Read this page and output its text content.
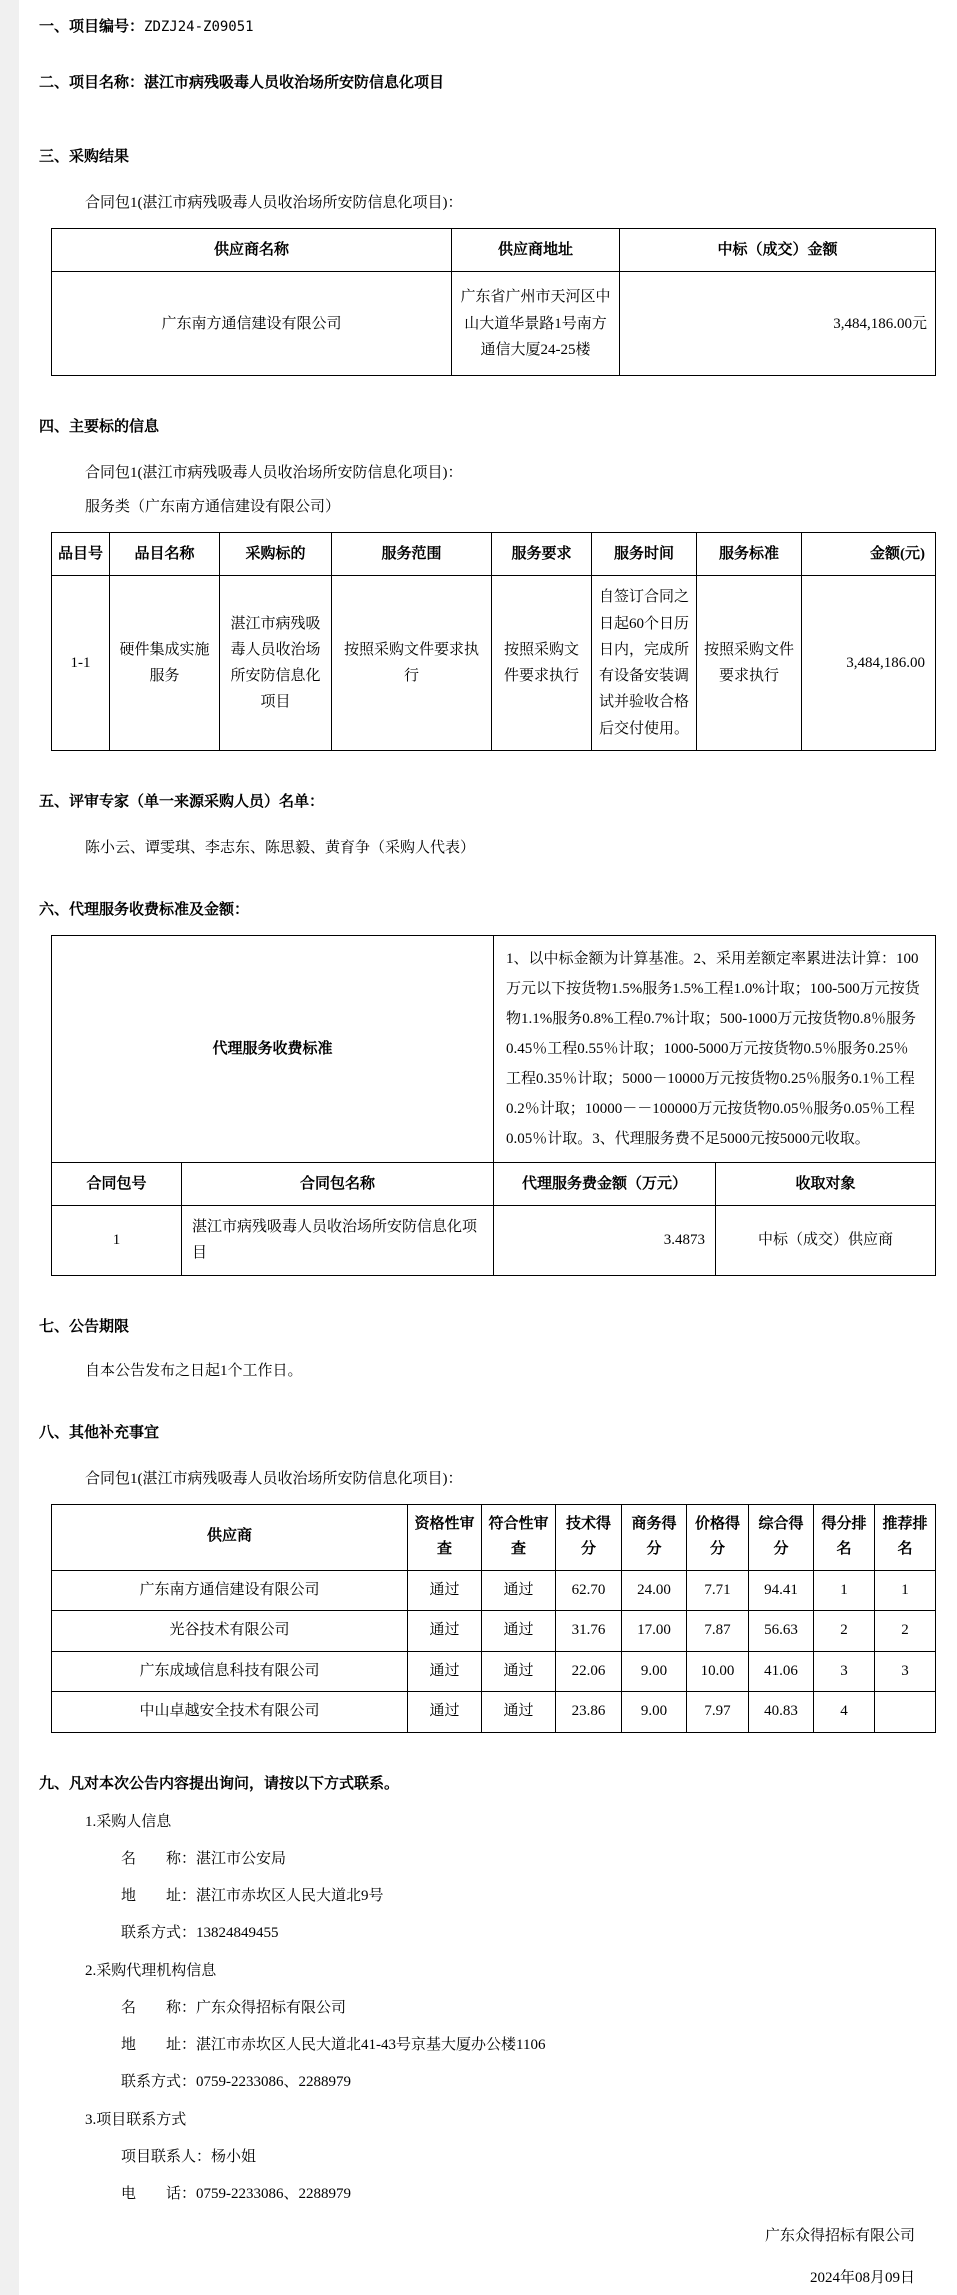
一、项目编号：ZDZJ24-Z09051
二、项目名称：湛江市病残吸毒人员收治场所安防信息化项目
三、采购结果
合同包1(湛江市病残吸毒人员收治场所安防信息化项目)：
供应商名称	供应商地址	中标（成交）金额
广东南方通信建设有限公司	广东省广州市天河区中山大道华景路1号南方通信大厦24-25楼	3,484,186.00元
四、主要标的信息
合同包1(湛江市病残吸毒人员收治场所安防信息化项目)：
服务类（广东南方通信建设有限公司）
品目号	品目名称	采购标的	服务范围	服务要求	服务时间	服务标准	金额(元)
1-1	硬件集成实施服务	湛江市病残吸毒人员收治场所安防信息化项目	按照采购文件要求执行	按照采购文件要求执行	自签订合同之日起60个日历日内，完成所有设备安装调试并验收合格后交付使用。	按照采购文件要求执行	3,484,186.00
五、评审专家（单一来源采购人员）名单：
陈小云、谭雯琪、李志东、陈思毅、黄育争（采购人代表）
六、代理服务收费标准及金额：
代理服务收费标准		1、以中标金额为计算基准。2、采用差额定率累进法计算：100万元以下按货物1.5%服务1.5%工程1.0%计取；100-500万元按货物1.1%服务0.8%工程0.7%计取；500-1000万元按货物0.8％服务0.45％工程0.55％计取；1000-5000万元按货物0.5％服务0.25％工程0.35％计取；5000－10000万元按货物0.25％服务0.1％工程0.2％计取；10000－－100000万元按货物0.05％服务0.05％工程0.05％计取。3、代理服务费不足5000元按5000元收取。	
合同包号	合同包名称	代理服务费金额（万元）	收取对象
1	湛江市病残吸毒人员收治场所安防信息化项目	3.4873	中标（成交）供应商
七、公告期限
自本公告发布之日起1个工作日。
八、其他补充事宜
合同包1(湛江市病残吸毒人员收治场所安防信息化项目)：
供应商	资格性审查	符合性审查	技术得分	商务得分	价格得分	综合得分	得分排名	推荐排名
广东南方通信建设有限公司	通过	通过	62.70	24.00	7.71	94.41	1	1
光谷技术有限公司	通过	通过	31.76	17.00	7.87	56.63	2	2
广东成域信息科技有限公司	通过	通过	22.06	9.00	10.00	41.06	3	3
中山卓越安全技术有限公司	通过	通过	23.86	9.00	7.97	40.83	4	
九、凡对本次公告内容提出询问，请按以下方式联系。
1.采购人信息
名　　称：湛江市公安局
地　　址：湛江市赤坎区人民大道北9号
联系方式：13824849455
2.采购代理机构信息
名　　称：广东众得招标有限公司
地　　址：湛江市赤坎区人民大道北41-43号京基大厦办公楼1106
联系方式：0759-2233086、2288979
3.项目联系方式
项目联系人：杨小姐
电　　话：0759-2233086、2288979
广东众得招标有限公司
2024年08月09日
